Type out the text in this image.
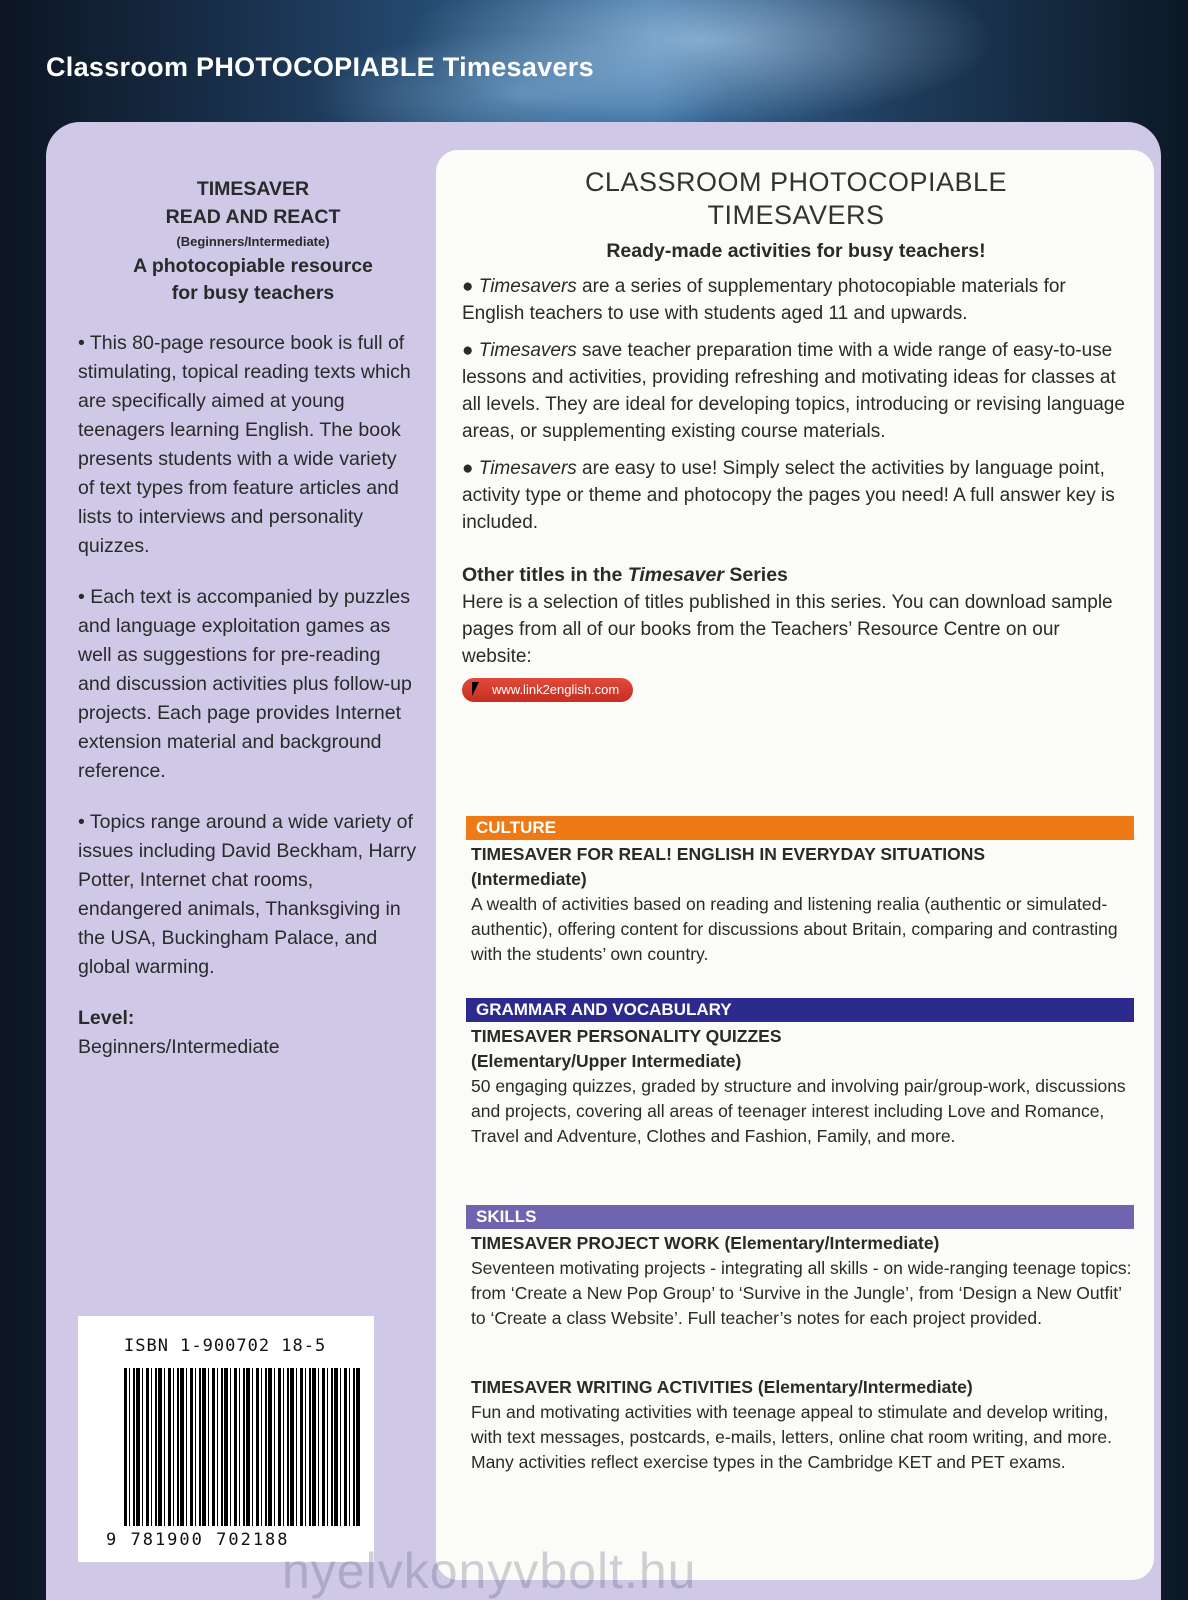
Classroom PHOTOCOPIABLE Timesavers
TIMESAVER
READ AND REACT
(Beginners/Intermediate)
A photocopiable resource
for busy teachers

• This 80-page resource book is full of stimulating, topical reading texts which are specifically aimed at young teenagers learning English. The book presents students with a wide variety of text types from feature articles and lists to interviews and personality quizzes.

• Each text is accompanied by puzzles and language exploitation games as well as suggestions for pre-reading and discussion activities plus follow-up projects. Each page provides Internet extension material and background reference.

• Topics range around a wide variety of issues including David Beckham, Harry Potter, Internet chat rooms, endangered animals, Thanksgiving in the USA, Buckingham Palace, and global warming.

Level:
Beginners/Intermediate
ISBN 1-900702 18-5
9 781900 702188
CLASSROOM PHOTOCOPIABLE
TIMESAVERS
Ready-made activities for busy teachers!
● Timesavers are a series of supplementary photocopiable materials for English teachers to use with students aged 11 and upwards.
● Timesavers save teacher preparation time with a wide range of easy-to-use lessons and activities, providing refreshing and motivating ideas for classes at all levels. They are ideal for developing topics, introducing or revising language areas, or supplementing existing course materials.
● Timesavers are easy to use! Simply select the activities by language point, activity type or theme and photocopy the pages you need! A full answer key is included.
Other titles in the Timesaver Series
Here is a selection of titles published in this series. You can download sample pages from all of our books from the Teachers’ Resource Centre on our website:
www.link2english.com
CULTURE
TIMESAVER FOR REAL! ENGLISH IN EVERYDAY SITUATIONS
(Intermediate)
A wealth of activities based on reading and listening realia (authentic or simulated-authentic), offering content for discussions about Britain, comparing and contrasting with the students’ own country.
GRAMMAR AND VOCABULARY
TIMESAVER PERSONALITY QUIZZES
(Elementary/Upper Intermediate)
50 engaging quizzes, graded by structure and involving pair/group-work, discussions and projects, covering all areas of teenager interest including Love and Romance, Travel and Adventure, Clothes and Fashion, Family, and more.
SKILLS
TIMESAVER PROJECT WORK (Elementary/Intermediate)
Seventeen motivating projects - integrating all skills - on wide-ranging teenage topics: from ‘Create a New Pop Group’ to ‘Survive in the Jungle’, from ‘Design a New Outfit’ to ‘Create a class Website’. Full teacher’s notes for each project provided.
TIMESAVER WRITING ACTIVITIES (Elementary/Intermediate)
Fun and motivating activities with teenage appeal to stimulate and develop writing, with text messages, postcards, e-mails, letters, online chat room writing, and more. Many activities reflect exercise types in the Cambridge KET and PET exams.
nyelvkonyvbolt.hu
